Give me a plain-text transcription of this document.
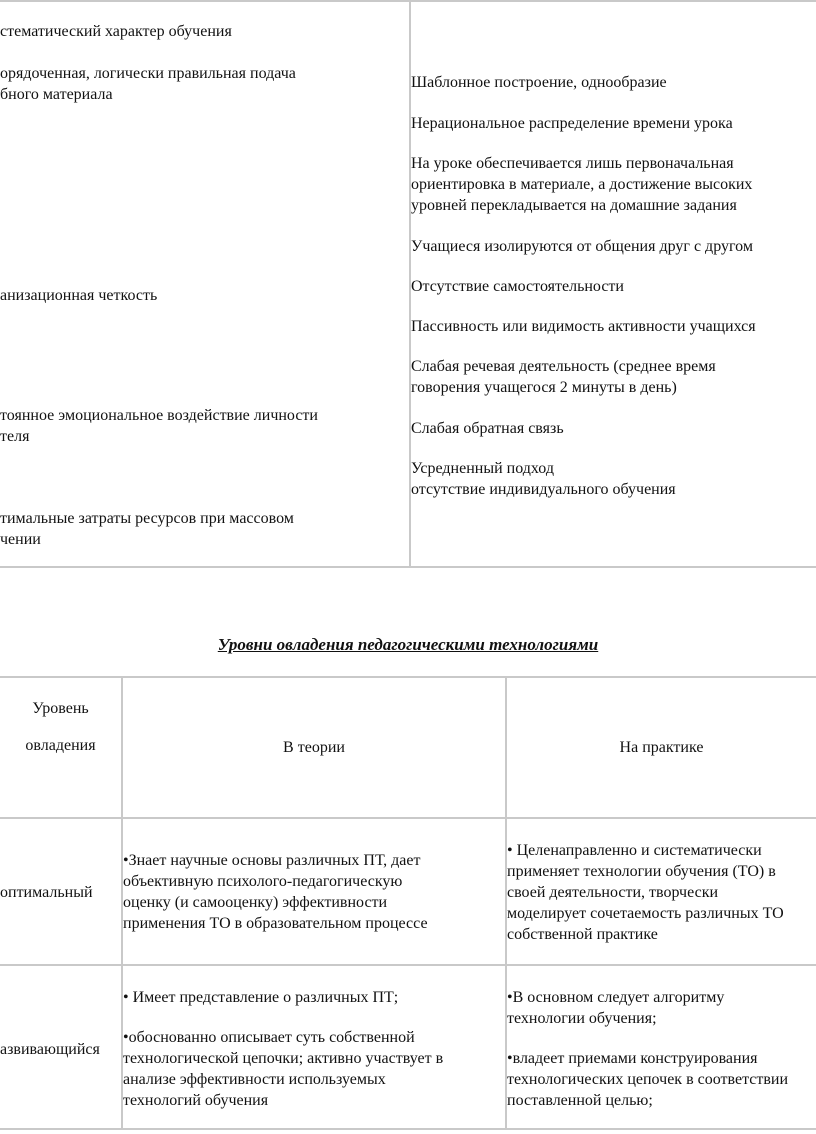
стематический характер обучения
орядоченная, логически правильная подача
бного материала
анизационная четкость
тоянное эмоциональное воздействие личности
теля
тимальные затраты ресурсов при массовом
чении
Шаблонное построение, однообразие
Нерациональное распределение времени урока
На уроке обеспечивается лишь первоначальная
ориентировка в материале, а достижение высоких
уровней перекладывается на домашние задания
Учащиеся изолируются от общения друг с другом
Отсутствие самостоятельности
Пассивность или видимость активности учащихся
Слабая речевая деятельность (среднее время
говорения учащегося 2 минуты в день)
Слабая обратная связь
Усредненный подход
отсутствие индивидуального обучения
Уровни овладения педагогическими технологиями
Уровень
овладения	В теории	На практике
оптимальный
•Знает научные основы различных ПТ, дает
объективную психолого-педагогическую
оценку (и самооценку) эффективности
применения ТО в образовательном процессе
• Целенаправленно и систематически
применяет технологии обучения (ТО) в
своей деятельности, творчески
моделирует сочетаемость различных ТО
собственной практике
азвивающийся
• Имеет представление о различных ПТ;
•обоснованно описывает суть собственной
технологической цепочки; активно участвует в
анализе эффективности используемых
технологий обучения
•В основном следует алгоритму
технологии обучения;
•владеет приемами конструирования
технологических цепочек в соответствии
поставленной целью;
